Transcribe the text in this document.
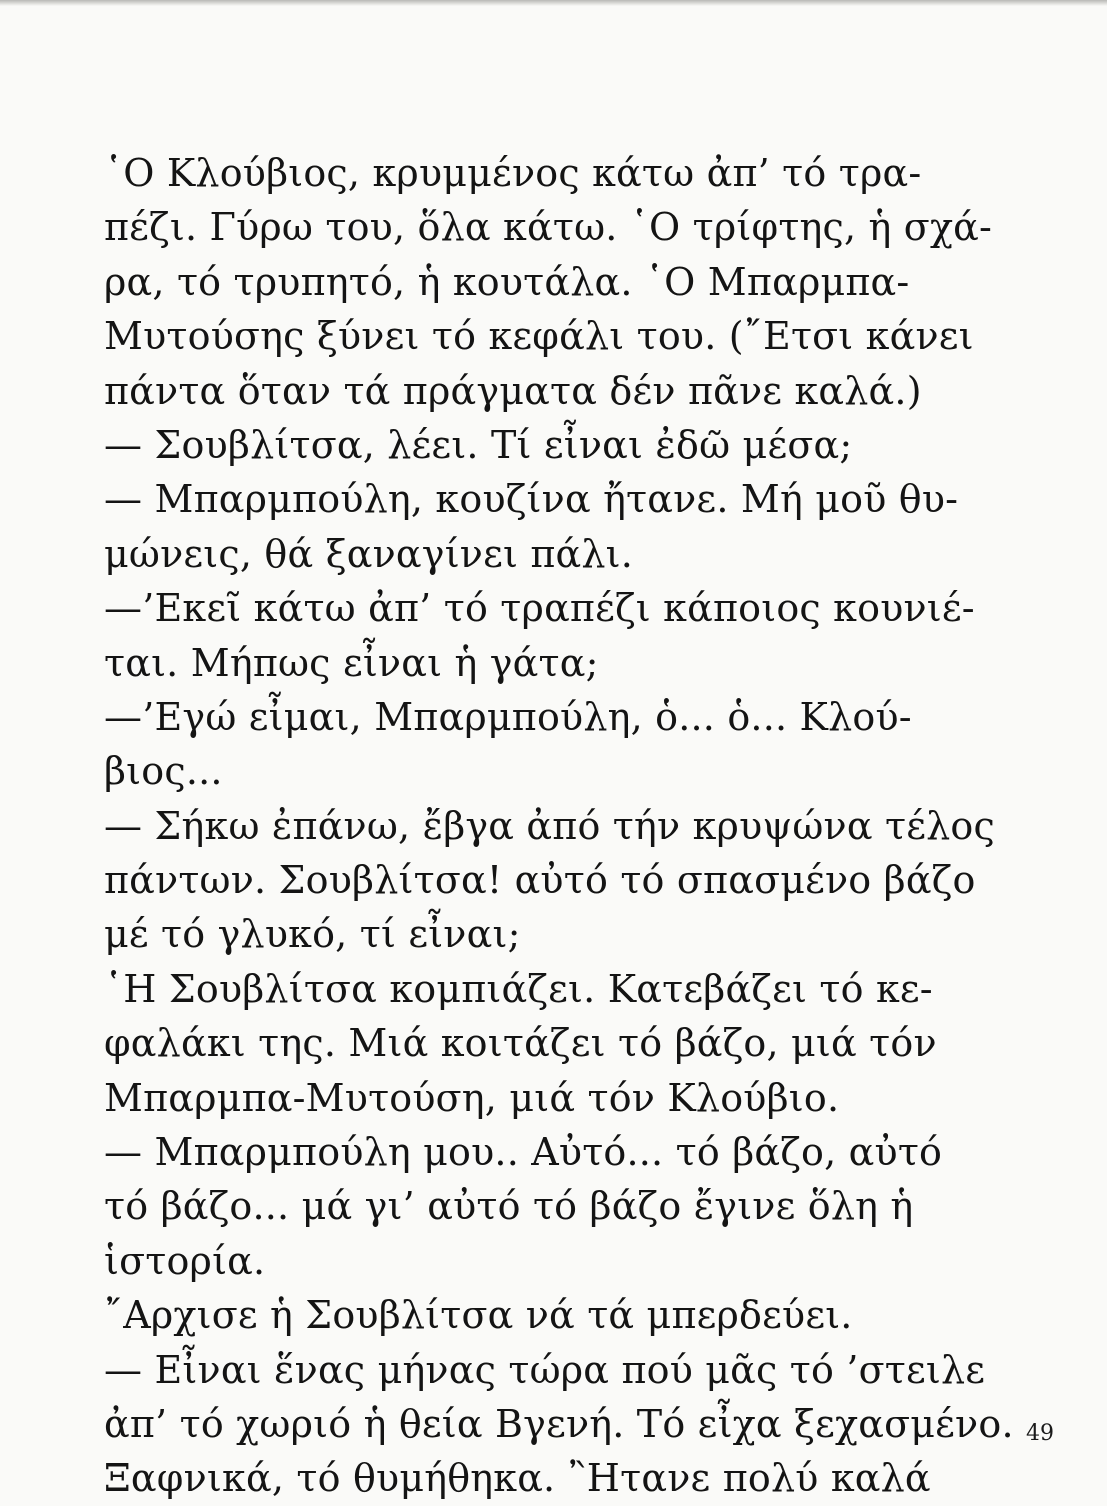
῾Ο Κλούβιος, κρυμμένος κάτω ἀπ’ τό τρα-
πέζι. Γύρω του, ὅλα κάτω. ῾Ο τρίφτης, ἡ σχά-
ρα, τό τρυπητό, ἡ κουτάλα. ῾Ο Μπαρμπα-
Μυτούσης ξύνει τό κεφάλι του. (῎Ετσι κάνει
πάντα ὅταν τά πράγματα δέν πᾶνε καλά.)
— Σουβλίτσα, λέει. Τί εἶναι ἐδῶ μέσα;
— Μπαρμπούλη, κουζίνα ἤτανε. Μή μοῦ θυ-
μώνεις, θά ξαναγίνει πάλι.
—’Εκεῖ κάτω ἀπ’ τό τραπέζι κάποιος κουνιέ-
ται. Μήπως εἶναι ἡ γάτα;
—’Εγώ εἶμαι, Μπαρμπούλη, ὁ... ὁ... Κλού-
βιος...
— Σήκω ἐπάνω, ἔβγα ἀπό τήν κρυψώνα τέλος
πάντων. Σουβλίτσα! αὐτό τό σπασμένο βάζο
μέ τό γλυκό, τί εἶναι;
῾Η Σουβλίτσα κομπιάζει. Κατεβάζει τό κε-
φαλάκι της. Μιά κοιτάζει τό βάζο, μιά τόν
Μπαρμπα-Μυτούση, μιά τόν Κλούβιο.
— Μπαρμπούλη μου.. Αὐτό... τό βάζο, αὐτό
τό βάζο... μά γι’ αὐτό τό βάζο ἔγινε ὅλη ἡ
ἱστορία.
῎Αρχισε ἡ Σουβλίτσα νά τά μπερδεύει.
— Εἶναι ἕνας μήνας τώρα πού μᾶς τό ’στειλε
ἀπ’ τό χωριό ἡ θεία Βγενή. Τό εἶχα ξεχασμένο.
Ξαφνικά, τό θυμήθηκα. ῍Ητανε πολύ καλά
49
